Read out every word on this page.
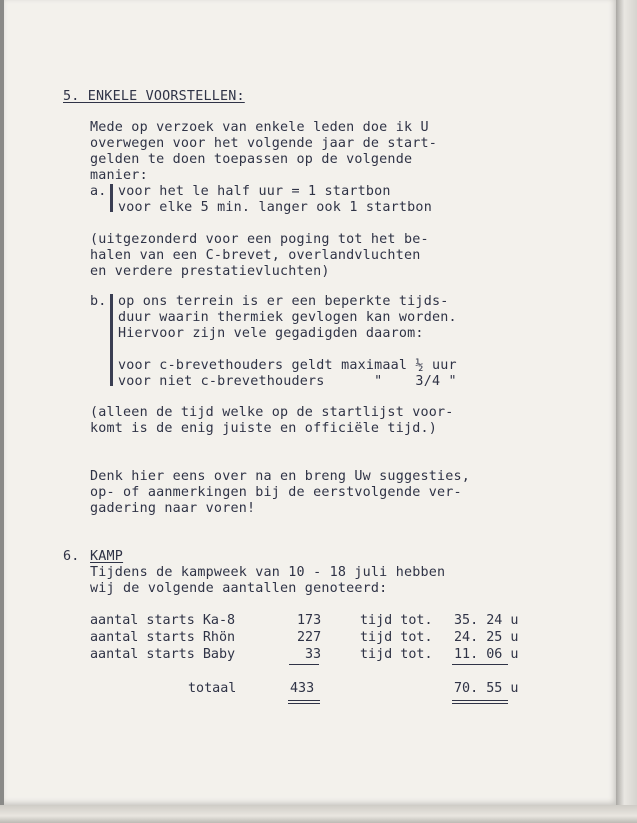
5. ENKELE VOORSTELLEN:
Mede op verzoek van enkele leden doe ik U
overwegen voor het volgende jaar de start-
gelden te doen toepassen op de volgende
manier:
a. voor het le half uur = 1 startbon
voor elke 5 min. langer ook 1 startbon
(uitgezonderd voor een poging tot het be-
halen van een C-brevet, overlandvluchten
en verdere prestatievluchten)
b. op ons terrein is er een beperkte tijds-
duur waarin thermiek gevlogen kan worden.
Hiervoor zijn vele gegadigden daarom:
voor c-brevethouders geldt maximaal ½ uur
voor niet c-brevethouders      "    3/4 "
(alleen de tijd welke op de startlijst voor-
komt is de enig juiste en officiële tijd.)
Denk hier eens over na en breng Uw suggesties,
op- of aanmerkingen bij de eerstvolgende ver-
gadering naar voren!
6. KAMP
Tijdens de kampweek van 10 - 18 juli hebben
wij de volgende aantallen genoteerd:
aantal starts Ka-8	173	tijd tot. 35. 24 u
aantal starts Rhön	227	tijd tot. 24. 25 u
aantal starts Baby	33	tijd tot. 11. 06 u
totaal	433	70. 55 u
